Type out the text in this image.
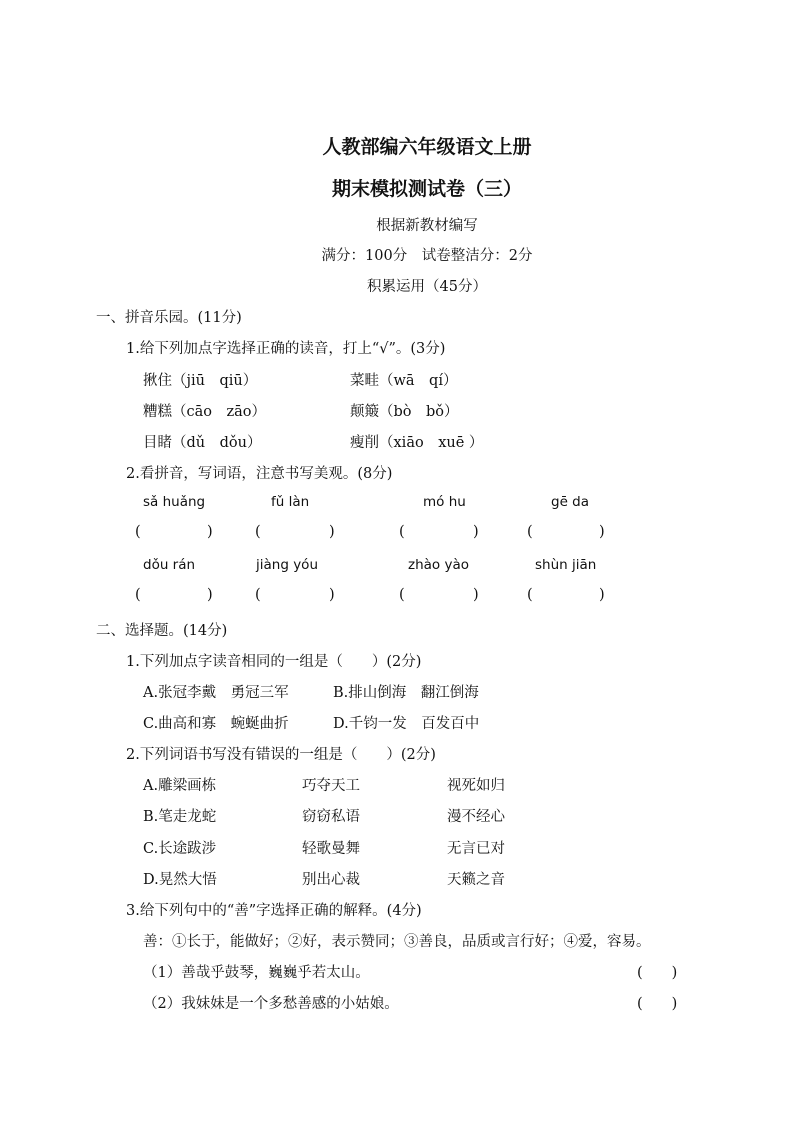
人教部编六年级语文上册
期末模拟测试卷（三）
根据新教材编写
满分：100分　试卷整洁分：2分
积累运用（45分）
一、拼音乐园。(11分)
1.给下列加点字选择正确的读音，打上“√”。(3分)
揪住（jiū　qiū）	菜畦（wā　qí）
糟糕（cāo　zāo）	颠簸（bò　bǒ）
目睹（dǔ　dǒu）	瘦削（xiāo　xuē ）
2.看拼音，写词语，注意书写美观。(8分)
sǎ huǎng	fǔ làn	mó hu	gē da
(	)	(	)	(	)	(	)
dǒu rán	jiàng yóu	zhào yào	shùn jiān
(	)	(	)	(	)	(	)
二、选择题。(14分)
1.下列加点字读音相同的一组是（　　）(2分)
A.张冠李戴　勇冠三军	B.排山倒海　翻江倒海
C.曲高和寡　蜿蜒曲折	D.千钧一发　百发百中
2.下列词语书写没有错误的一组是（　　）(2分)
A.雕梁画栋	巧夺天工	视死如归
B.笔走龙蛇	窃窃私语	漫不经心
C.长途跋涉	轻歌曼舞	无言已对
D.晃然大悟	别出心裁	天籁之音
3.给下列句中的“善”字选择正确的解释。(4分)
善：①长于，能做好；②好，表示赞同；③善良，品质或言行好；④爱，容易。
（1）善哉乎鼓琴，巍巍乎若太山。	(　　)
（2）我妹妹是一个多愁善感的小姑娘。	(　　)
